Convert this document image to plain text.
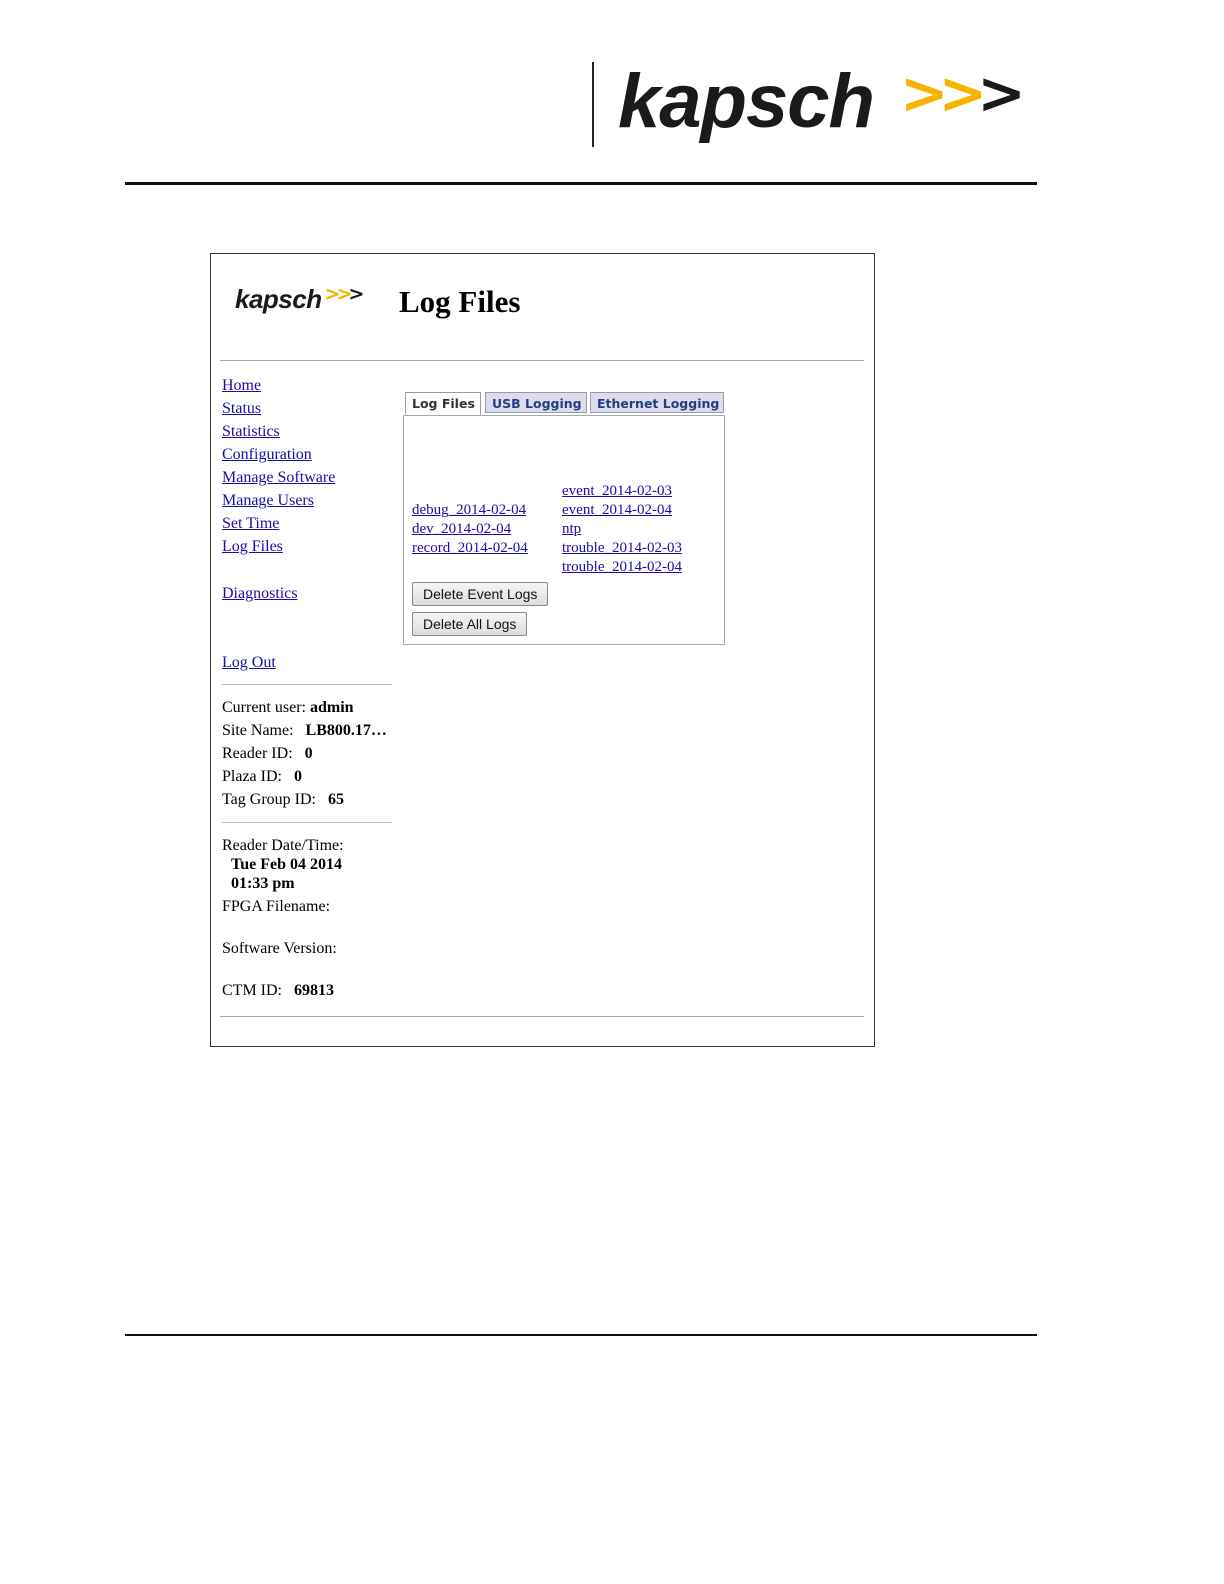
kapsch >>>
kapsch >>> Log Files
Home
Status
Statistics
Configuration
Manage Software
Manage Users
Set Time
Log Files
Diagnostics
Log Out
Current user: admin
Site Name: LB800.17…
Reader ID: 0
Plaza ID: 0
Tag Group ID: 65
Reader Date/Time:
Tue Feb 04 2014
01:33 pm
FPGA Filename:
Software Version:
CTM ID: 69813
Log Files	USB Logging	Ethernet Logging
debug_2014-02-04
dev_2014-02-04
record_2014-02-04
event_2014-02-03
event_2014-02-04
ntp
trouble_2014-02-03
trouble_2014-02-04
Delete Event Logs
Delete All Logs
